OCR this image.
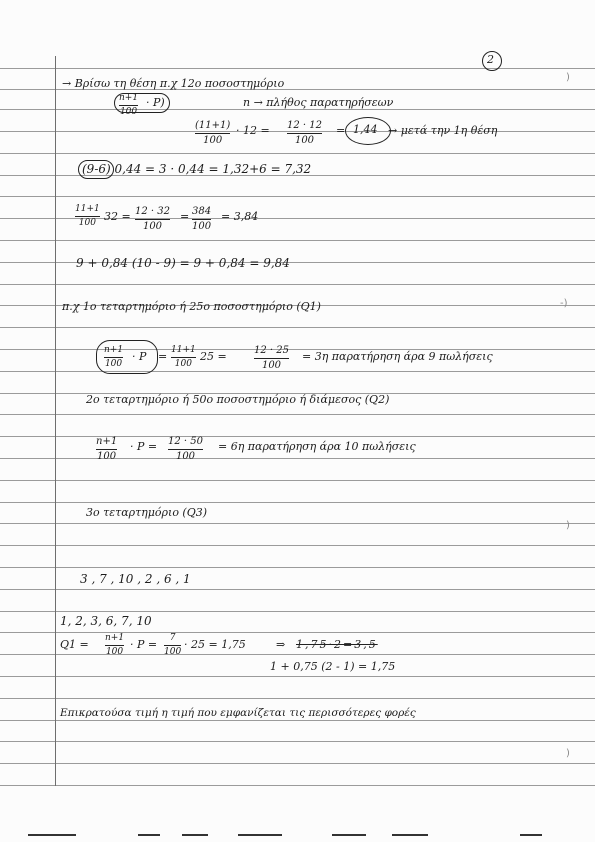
2
)
-)
)
)
→ Βρίσω τη θέση π.χ 12ο ποσοστημόριο
n+1
100
· P)	n → πλήθος παρατηρήσεων
(11+1)
100
· 12 = 12 · 12
100
= 1,44 → μετά την 1η θέση
(9-6) 0,44 = 3 · 0,44 = 1,32+6 = 7,32
11+1
100 32 = 12 · 32
100
= 384
100
= 3,84
9 + 0,84 (10 - 9) = 9 + 0,84 = 9,84
π.χ 1ο τεταρτημόριο ή 25ο ποσοστημόριο (Q1)
n+1
100
· P = 11+1
100
25 =	12 · 25
100
= 3η παρατήρηση άρα 9 πωλήσεις
2ο τεταρτημόριο ή 50ο ποσοστημόριο ή διάμεσος (Q2)
n+1
100
· P = 12 · 50
100
= 6η παρατήρηση άρα 10 πωλήσεις
3ο τεταρτημόριο (Q3)
3 , 7 , 10 , 2 , 6 , 1
1, 2, 3, 6, 7, 10
Q1 = n+1
100
· P = 7
100
· 25 = 1,75	⇒ 1,75·2=3,5
1 + 0,75 (2 - 1) = 1,75
Επικρατούσα τιμή η τιμή που εμφανίζεται τις περισσότερες φορές
